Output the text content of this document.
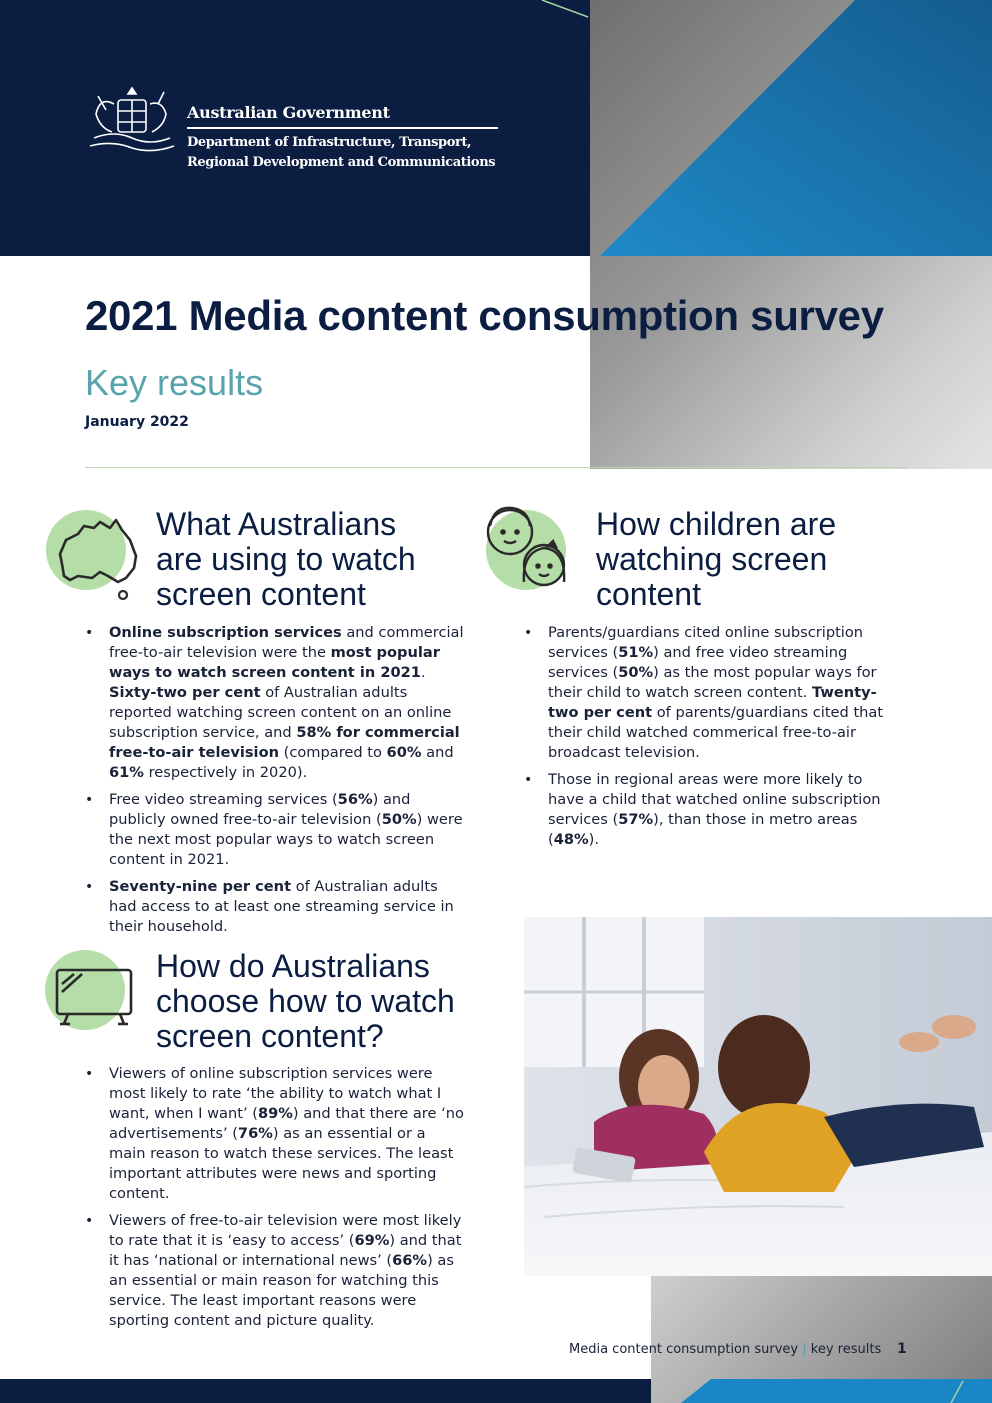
Australian Government
Department of Infrastructure, Transport,
Regional Development and Communications
2021 Media content consumption survey
Key results
January 2022
What Australians
are using to watch
screen content
• Online subscription services and commercial free-to-air television were the most popular ways to watch screen content in 2021. Sixty-two per cent of Australian adults reported watching screen content on an online subscription service, and 58% for commercial free-to-air television (compared to 60% and 61% respectively in 2020).
• Free video streaming services (56%) and publicly owned free-to-air television (50%) were the next most popular ways to watch screen content in 2021.
• Seventy-nine per cent of Australian adults had access to at least one streaming service in their household.
How children are
watching screen
content
• Parents/guardians cited online subscription services (51%) and free video streaming services (50%) as the most popular ways for their child to watch screen content. Twenty-two per cent of parents/guardians cited that their child watched commerical free-to-air broadcast television.
• Those in regional areas were more likely to have a child that watched online subscription services (57%), than those in metro areas (48%).
How do Australians
choose how to watch
screen content?
• Viewers of online subscription services were most likely to rate ‘the ability to watch what I want, when I want’ (89%) and that there are ‘no advertisements’ (76%) as an essential or a main reason to watch these services. The least important attributes were news and sporting content.
• Viewers of free-to-air television were most likely to rate that it is ‘easy to access’ (69%) and that it has ‘national or international news’ (66%) as an essential or main reason for watching this service. The least important reasons were sporting content and picture quality.
Media content consumption survey | key results 1
